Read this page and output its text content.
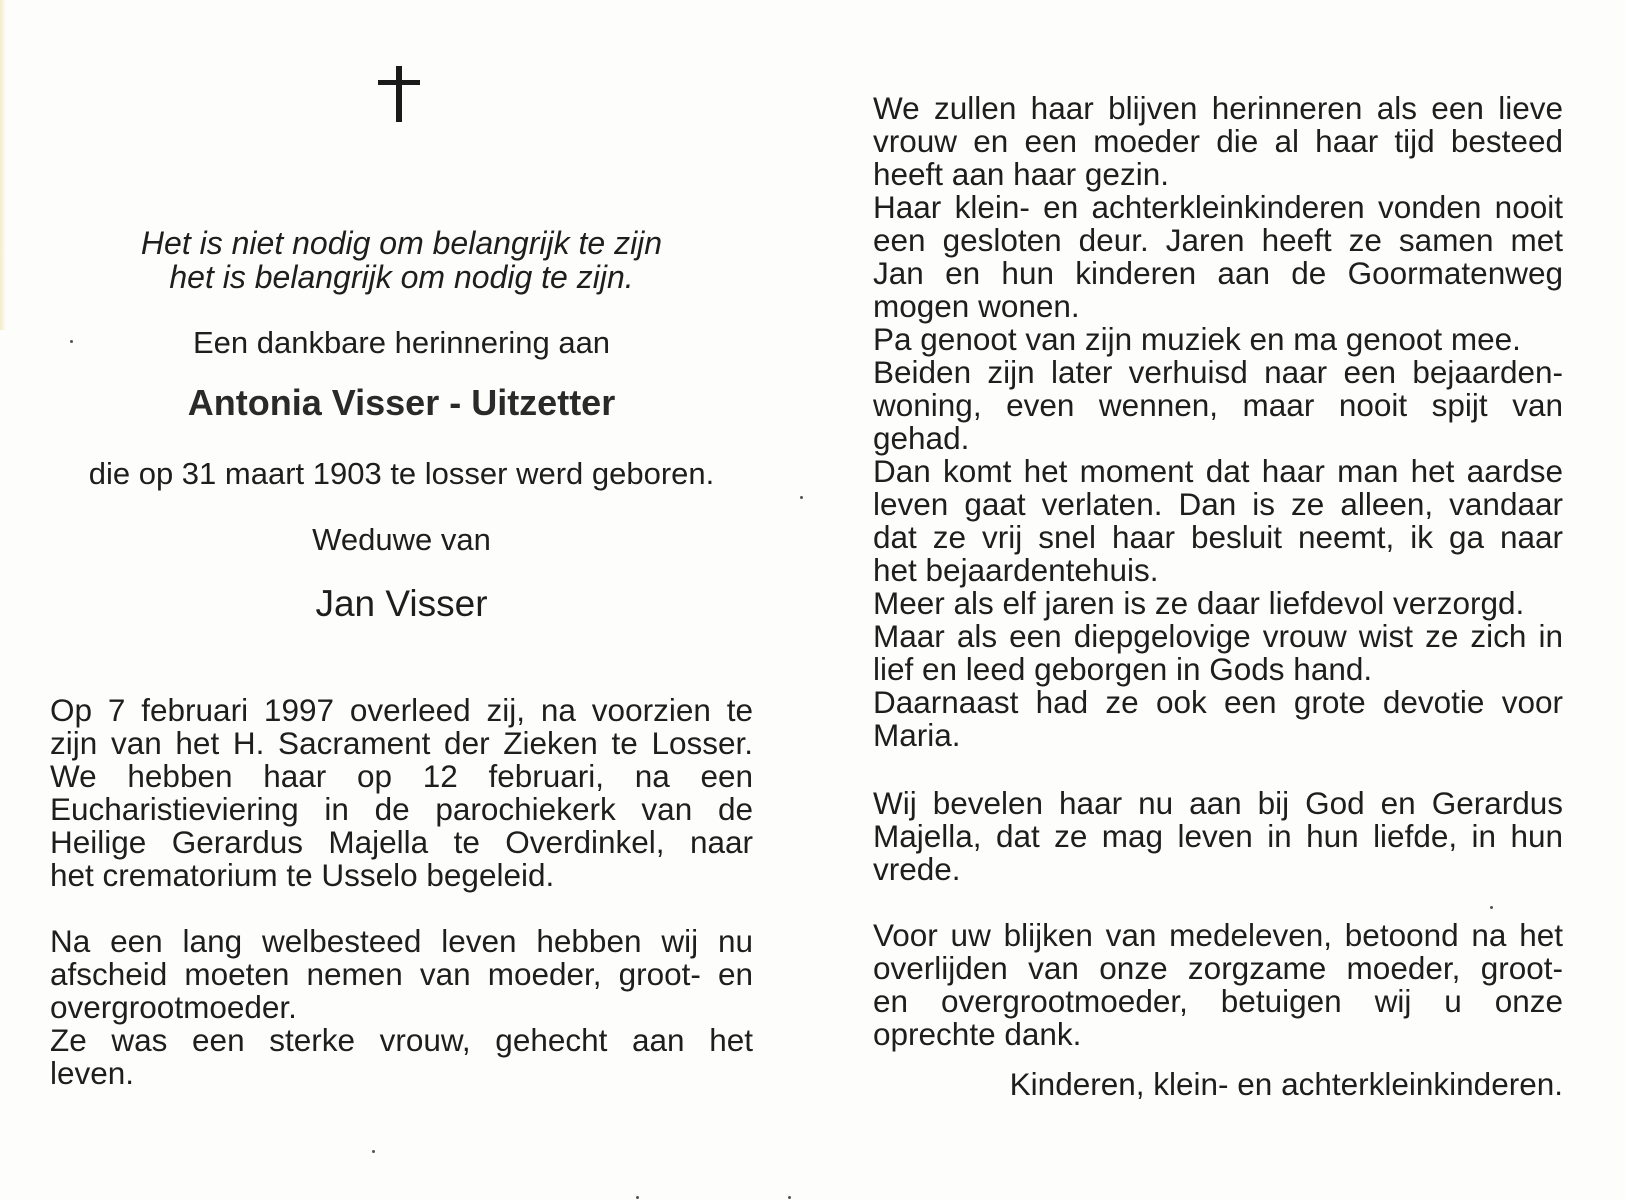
Het is niet nodig om belangrijk te zijn
het is belangrijk om nodig te zijn.

Een dankbare herinnering aan

Antonia Visser - Uitzetter

die op 31 maart 1903 te losser werd geboren.

Weduwe van

Jan Visser

Op 7 februari 1997 overleed zij, na voorzien te
zijn van het H. Sacrament der Zieken te Losser.
We hebben haar op 12 februari, na een
Eucharistieviering in de parochiekerk van de
Heilige Gerardus Majella te Overdinkel, naar
het crematorium te Usselo begeleid.
Na een lang welbesteed leven hebben wij nu
afscheid moeten nemen van moeder, groot- en
overgrootmoeder.
Ze was een sterke vrouw, gehecht aan het
leven.
We zullen haar blijven herinneren als een lieve
vrouw en een moeder die al haar tijd besteed
heeft aan haar gezin.
Haar klein- en achterkleinkinderen vonden nooit
een gesloten deur. Jaren heeft ze samen met
Jan en hun kinderen aan de Goormatenweg
mogen wonen.
Pa genoot van zijn muziek en ma genoot mee.
Beiden zijn later verhuisd naar een bejaarden-
woning, even wennen, maar nooit spijt van
gehad.
Dan komt het moment dat haar man het aardse
leven gaat verlaten. Dan is ze alleen, vandaar
dat ze vrij snel haar besluit neemt, ik ga naar
het bejaardentehuis.
Meer als elf jaren is ze daar liefdevol verzorgd.
Maar als een diepgelovige vrouw wist ze zich in
lief en leed geborgen in Gods hand.
Daarnaast had ze ook een grote devotie voor
Maria.
Wij bevelen haar nu aan bij God en Gerardus
Majella, dat ze mag leven in hun liefde, in hun
vrede.
Voor uw blijken van medeleven, betoond na het
overlijden van onze zorgzame moeder, groot-
en overgrootmoeder, betuigen wij u onze
oprechte dank.

Kinderen, klein- en achterkleinkinderen.
